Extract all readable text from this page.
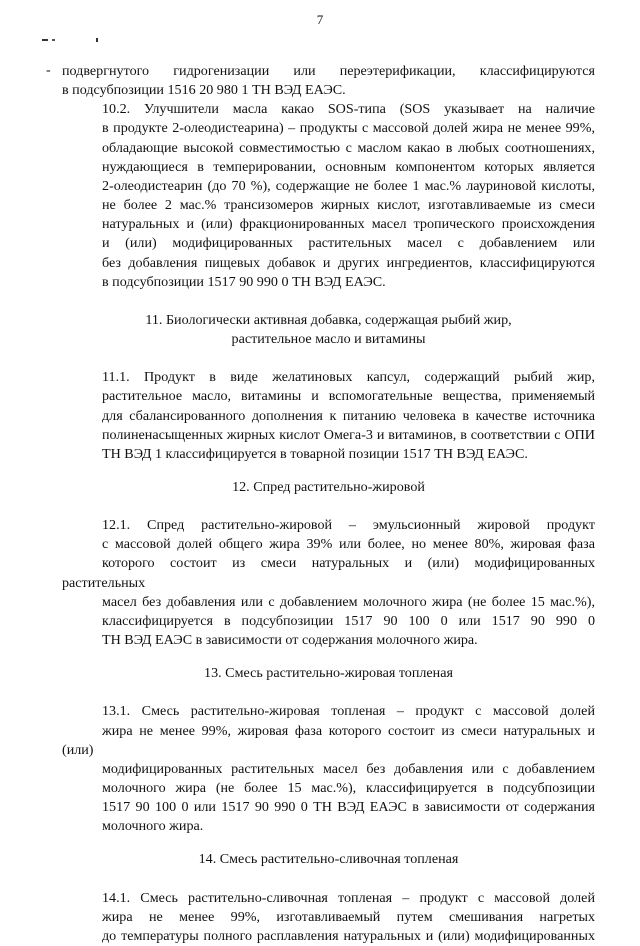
7
- подвергнутого гидрогенизации или переэтерификации, классифицируются
в подсубпозиции 1516 20 980 1 ТН ВЭД ЕАЭС.

10.2. Улучшители масла какао SOS-типа (SOS указывает на наличие
в продукте 2-олеодистеарина) – продукты с массовой долей жира не менее 99%,
обладающие высокой совместимостью с маслом какао в любых соотношениях,
нуждающиеся в темперировании, основным компонентом которых является
2-олеодистеарин (до 70 %), содержащие не более 1 мас.% лауриновой кислоты,
не более 2 мас.% трансизомеров жирных кислот, изготавливаемые из смеси
натуральных и (или) фракционированных масел тропического происхождения
и (или) модифицированных растительных масел с добавлением или
без добавления пищевых добавок и других ингредиентов, классифицируются
в подсубпозиции 1517 90 990 0 ТН ВЭД ЕАЭС.

11. Биологически активная добавка, содержащая рыбий жир,
растительное масло и витамины

11.1. Продукт в виде желатиновых капсул, содержащий рыбий жир,
растительное масло, витамины и вспомогательные вещества, применяемый
для сбалансированного дополнения к питанию человека в качестве источника
полиненасыщенных жирных кислот Омега-3 и витаминов, в соответствии с ОПИ
ТН ВЭД 1 классифицируется в товарной позиции 1517 ТН ВЭД ЕАЭС.

12. Спред растительно-жировой

12.1. Спред растительно-жировой – эмульсионный жировой продукт
с массовой долей общего жира 39% или более, но менее 80%, жировая фаза
которого состоит из смеси натуральных и (или) модифицированных растительных
масел без добавления или с добавлением молочного жира (не более 15 мас.%),
классифицируется в подсубпозиции 1517 90 100 0 или 1517 90 990 0
ТН ВЭД ЕАЭС в зависимости от содержания молочного жира.

13. Смесь растительно-жировая топленая

13.1. Смесь растительно-жировая топленая – продукт с массовой долей
жира не менее 99%, жировая фаза которого состоит из смеси натуральных и (или)
модифицированных растительных масел без добавления или с добавлением
молочного жира (не более 15 мас.%), классифицируется в подсубпозиции
1517 90 100 0 или 1517 90 990 0 ТН ВЭД ЕАЭС в зависимости от содержания
молочного жира.

14. Смесь растительно-сливочная топленая

14.1. Смесь растительно-сливочная топленая – продукт с массовой долей
жира не менее 99%, изготавливаемый путем смешивания нагретых
до температуры полного расплавления натуральных и (или) модифицированных
